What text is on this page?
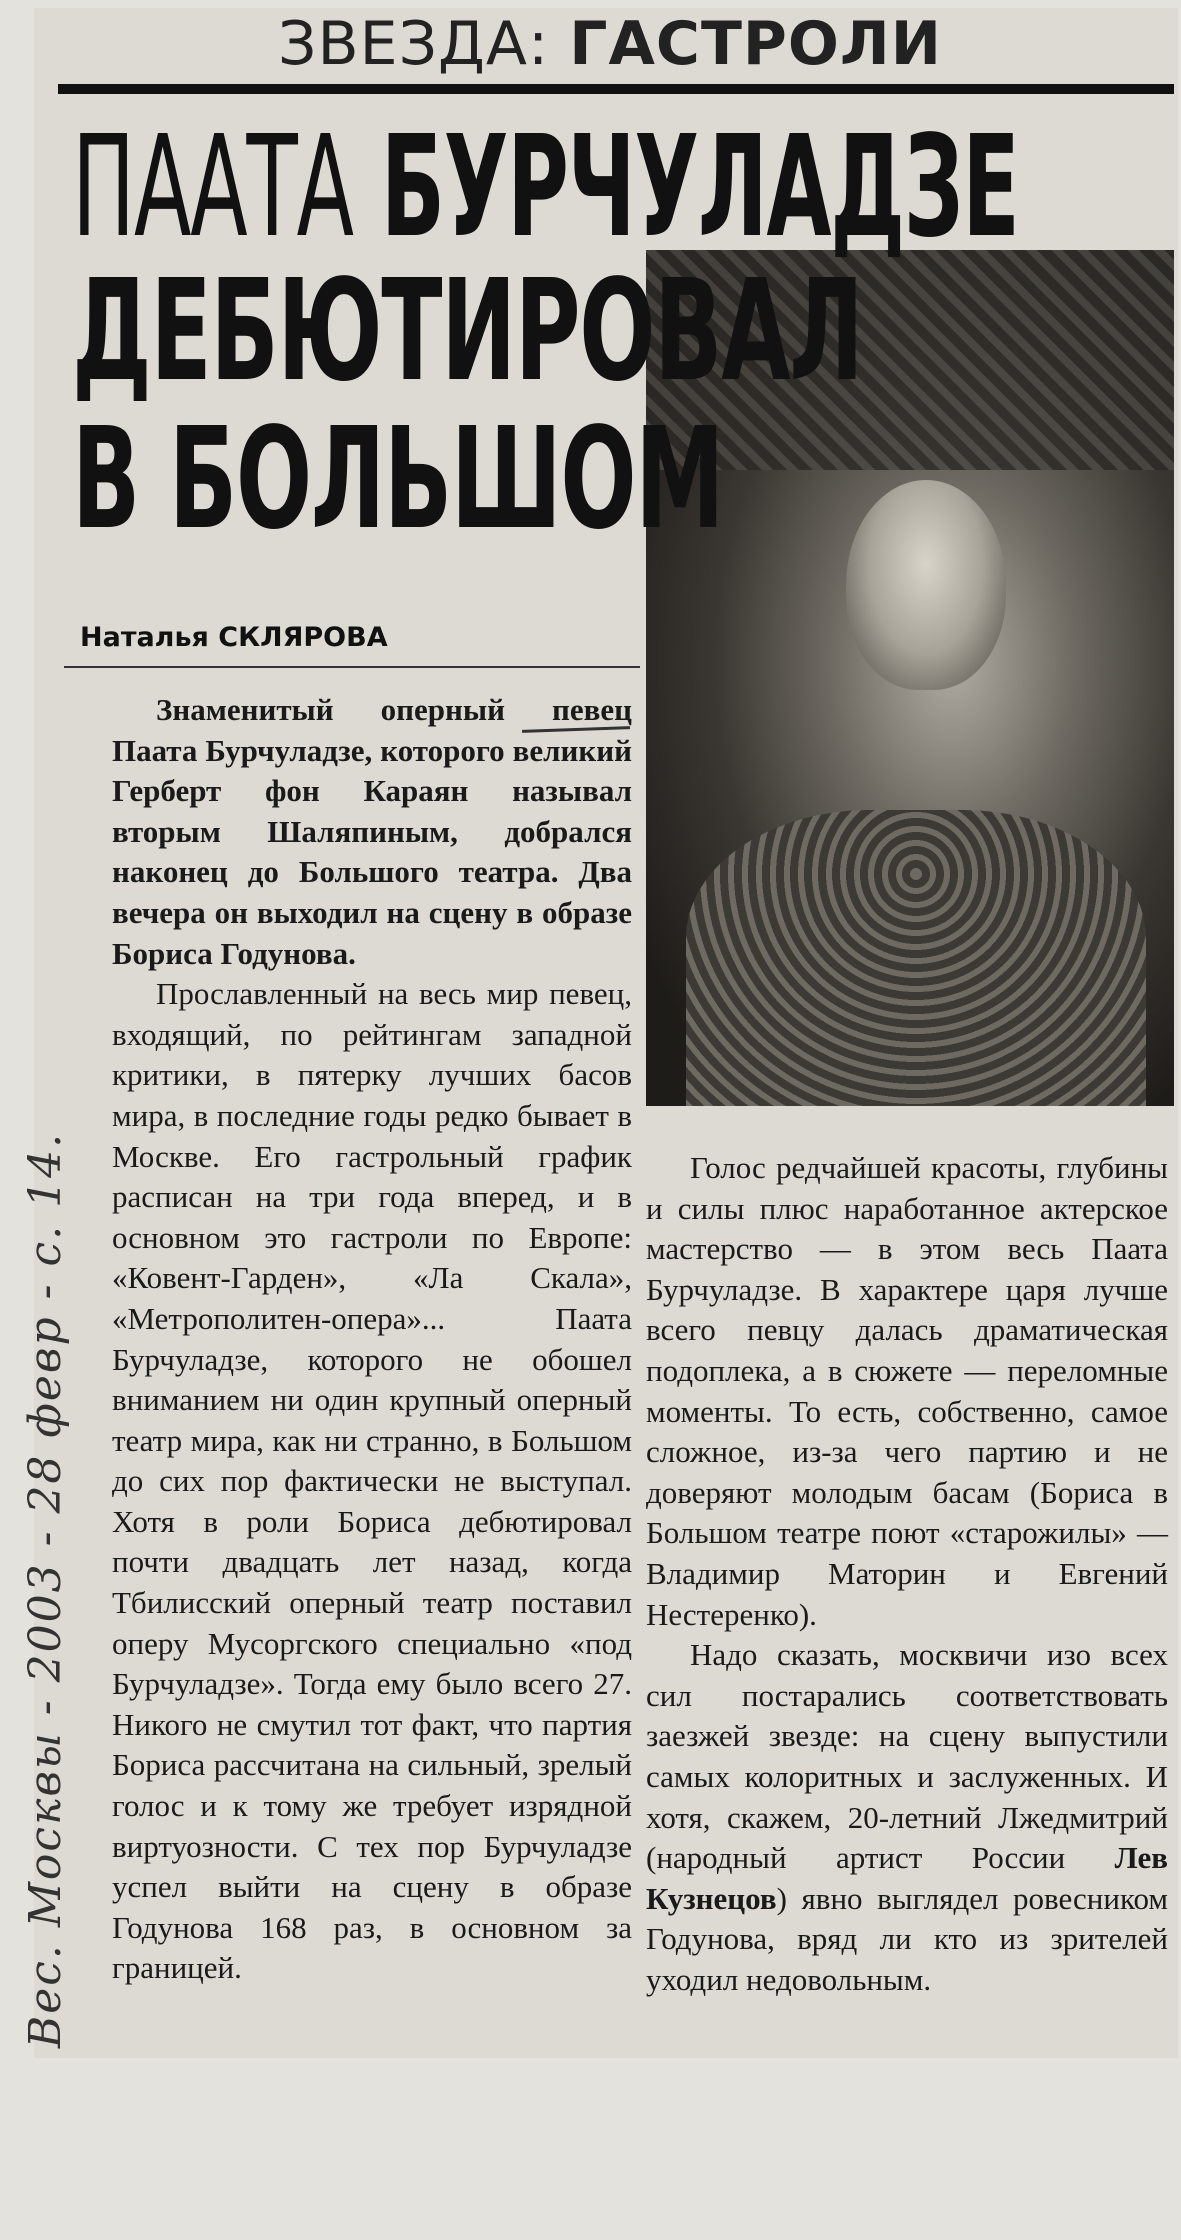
ЗВЕЗДА: ГАСТРОЛИ
ПААТА БУРЧУЛАДЗЕ
ДЕБЮТИРОВАЛ
В БОЛЬШОМ
Наталья СКЛЯРОВА

Знаменитый оперный певец Паата Бурчуладзе, которого великий Герберт фон Караян называл вторым Шаляпиным, добрался наконец до Большого театра. Два вечера он выходил на сцену в образе Бориса Годунова.

Прославленный на весь мир певец, входящий, по рейтингам западной критики, в пятерку лучших басов мира, в последние годы редко бывает в Москве. Его гастрольный график расписан на три года вперед, и в основном это гастроли по Европе: «Ковент-Гарден», «Ла Скала», «Метрополитен-опера»... Паата Бурчуладзе, которого не обошел вниманием ни один крупный оперный театр мира, как ни странно, в Большом до сих пор фактически не выступал. Хотя в роли Бориса дебютировал почти двадцать лет назад, когда Тбилисский оперный театр поставил оперу Мусоргского специально «под Бурчуладзе». Тогда ему было всего 27. Никого не смутил тот факт, что партия Бориса рассчитана на сильный, зрелый голос и к тому же требует изрядной виртуозности. С тех пор Бурчуладзе успел выйти на сцену в образе Годунова 168 раз, в основном за границей.

Голос редчайшей красоты, глубины и силы плюс наработанное актерское мастерство — в этом весь Паата Бурчуладзе. В характере царя лучше всего певцу далась драматическая подоплека, а в сюжете — переломные моменты. То есть, собственно, самое сложное, из-за чего партию и не доверяют молодым басам (Бориса в Большом театре поют «старожилы» — Владимир Маторин и Евгений Нестеренко).

Надо сказать, москвичи изо всех сил постарались соответствовать заезжей звезде: на сцену выпустили самых колоритных и заслуженных. И хотя, скажем, 20-летний Лжедмитрий (народный артист России Лев Кузнецов) явно выглядел ровесником Годунова, вряд ли кто из зрителей уходил недовольным.

Вес. Москвы - 2003 - 28 февр - с. 14.
